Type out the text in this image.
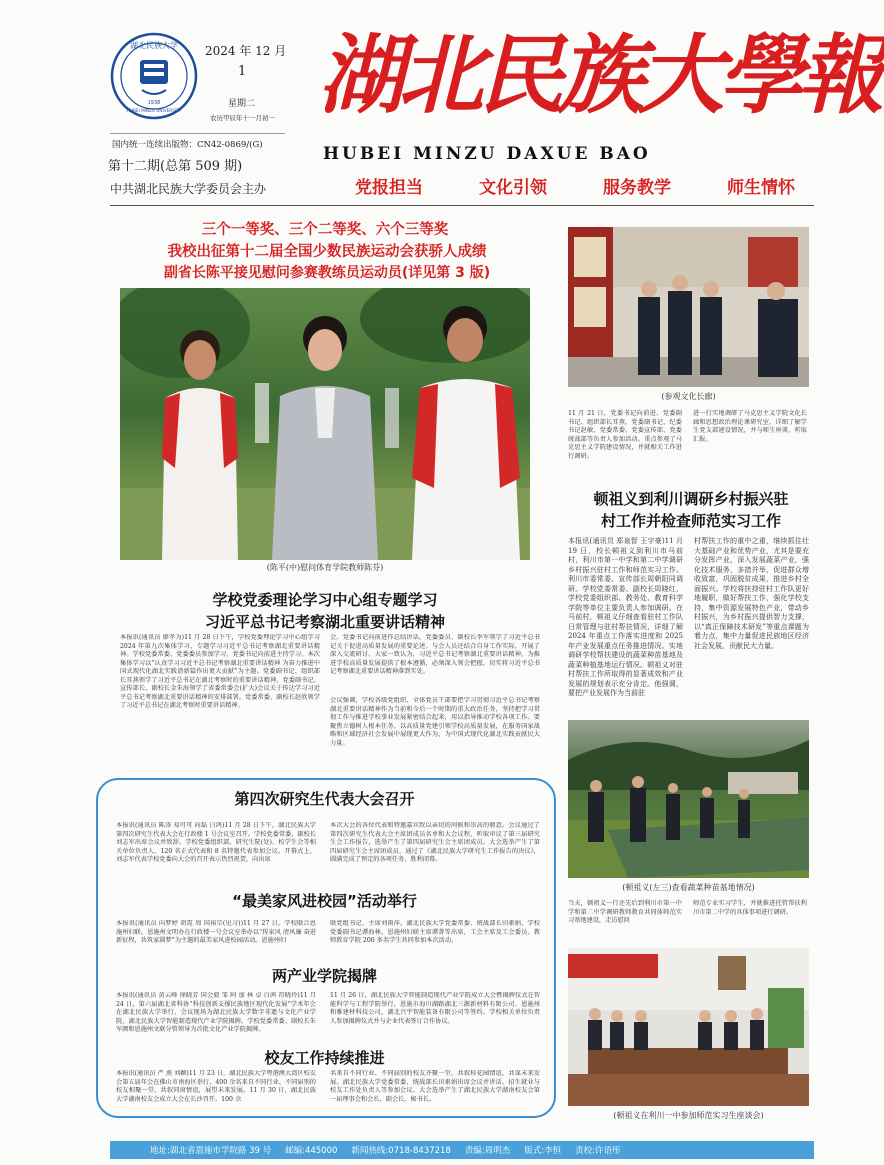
湖北民族大学
1938
HUBEI MINZU UNIVERSITY
2024 年 12 月
1
星期二
农历甲辰年十一月初一 湖北民族大學報
国内统一连续出版物：CN42-0869/(G)
第十二期(总第 509 期)
中共湖北民族大学委员会主办
HUBEI MINZU DAXUE BAO
党报担当	文化引领	服务教学	师生情怀
三个一等奖、三个二等奖、六个三等奖
我校出征第十二届全国少数民族运动会获骄人成绩
副省长陈平接见慰问参赛教练员运动员(详见第 3 版)
(陈平(中)慰问体育学院教师陈芬)
(参观文化长廊)
11 月 21 日，党委书记向前进、党委副书记、组织部长耳燕，党委副书记、纪委书记赵敏，党委常委、党委宣传部、党委统战部等负责人参加活动。重点参观了马克思主义学院建设情况，并就相关工作进行调研。
进一行实地调研了马克思主义学院文化长廊和思想政治理论课研究室，详细了解学生党支部建设情况，并与师生座谈，听取汇报。
顿祖义到利川调研乡村振兴驻
村工作并检查师范实习工作
本报讯(通讯员 郑泉智 王宇豪)11 月 19 日，校长顿祖义到利川市马前村，利川市第一中学和第二中学调研乡村振兴驻村工作和师范实习工作。利川市委常委、宣传部长周朝阳同调研。学校党委常委、副校长周晓红，学校党委组织部、教务处、教育科学学院等单位主要负责人参加调研。在马前村，顿祖义仔细查看驻村工作队日常管理与驻村帮扶情况，详细了解 2024 年重点工作落实进度和 2025 年产业发展重点任务推进情况。实地调研学校帮扶建设的蔬菜种苗基地及蔬菜种植基地运行情况。顿祖义对驻村帮扶工作所取得的显著成效和产业发展的规划表示充分肯定。他强调，要把产业发展作为当前驻
村帮扶工作的重中之重，继续抓住壮大基础产业和优势产业，尤其是要充分发挥产业，深入发展蔬菜产业，强化技术服务，多措并举，促进群众增收致富，巩固脱贫成果，推进乡村全面振兴。学校将扶持驻村工作队更好地履职，做好帮扶工作，强化学校支持，集中资源发展特色产业，带动乡村振兴，为乡村振兴提供智力支撑，以“真正保障技术研发”等重点课题为着力点，集中力量促进民族地区经济社会发展，贡献民大力量。
学校党委理论学习中心组专题学习
习近平总书记考察湖北重要讲话精神
本报讯(通讯员 廖孝为)11 月 28 日下午，学校党委理论学习中心组学习 2024 年第九次集体学习，专题学习习近平总书记考察湖北重要讲话精神。学校党委常委、党委委员参加学习，党委书记向前进主持学习。本次集体学习以“认真学习习近平总书记考察湖北重要讲话精神 为奋力推进中国式现代化湖北实践谱新篇作出更大贡献”为主题。党委副书记、组织部长耳燕领学了习近平总书记在湖北考察时的重要讲话精神。党委副书记、宣传部长、副校长金朱海领学了省委常委会(扩大)会议关于传达学习习近平总书记考察湖北重要讲话精神的安排部署。党委常委、副校长赵欣领学了习近平总书记在湖北考察时重要讲话精神。
会。党委书记向前进作总结讲话。党委委员、副校长李军领学了习近平总书记关于促进高质量发展的重要论述。与会人员还结合自身工作实际，开展了深入交流研讨。大家一致认为，习近平总书记考察湖北重要讲话精神，为推进学校高质量发展提供了根本遵循，必须深入领会把握，切实将习近平总书记考察湖北重要讲话精神落到实处。
会议强调，学校各级党组织、全体党员干部要把学习贯彻习近平总书记考察湖北重要讲话精神作为当前和今后一个时期的重大政治任务，坚持把学习贯彻工作与推进学校事业发展紧密结合起来，用以指导推动学校各项工作。要聚焦立德树人根本任务，以高质量党建引领学校高质量发展，在服务国家战略和区域经济社会发展中展现更大作为，为中国式现代化湖北实践贡献民大力量。
(顿祖义(左三)查看蔬菜种苗基地情况)
当天，顿祖义一行还先后到利川市第一中学和第二中学调研教师教育共同体师范实习基地建设，走访慰问
师范专业实习学生，并就推进托管帮扶利川市第二中学的具体事项进行调研。
(顿祖义在利川一中参加师范实习生座谈会)
第四次研究生代表大会召开
本报讯(通讯员 陈涛 易可可 向磊 白鸿)11 月 28 日下午，湖北民族大学第四次研究生代表大会在行政楼 1 号会议室召开。学校党委常委、副校长刘志军出席会议并致辞。学校党委组织部、研究生院(处)、校学生会等相关单位负责人，120 名正式代表和 8 名特邀代表参加会议。开幕式上，刘志军代表学校党委向大会的召开表示热烈祝贺，向出席
本次大会的各位代表和特邀嘉宾致以亲切的问候和崇高的敬意。会议通过了第四次研究生代表大会主席团成员名单和大会议程，听取审议了第三届研究生会工作报告，选举产生了第四届研究生会主席团成员。大会选举产生了第四届研究生会主席团成员，通过了《湖北民族大学研究生工作报告的决议》，圆满完成了预定的各项任务，胜利闭幕。
“最美家风进校园”活动举行
本报讯(通讯员 向梦婷 胡霓 周 国裕宗(见习))11 月 27 日，学校联合恩施州妇联、恩施州文明办在行政楼一号会议室举办以“传家风 清风廉 奋进新征程，共筑家圆梦”为主题的最美家风进校园活动。恩施州妇
联党组书记、主席刘雨萍，湖北民族大学党委常委、统战部长田素娟，学校党委副书记谭海林，恩施州妇联主席谭菁等出席，工会主席及工会委员、教师教育学院 200 多名学生共同参加本次活动。
两产业学院揭牌
本报讯(通讯员 黄云峰 徐晓芳 国会毅 邹 阿 加 林 卓 白鸿 符晓玲)11 月 24 日，第六届湖北省科协“科技创新支撑民族地区现代化发展”学术年会在湖北民族大学举行，会议现场为湖北民族大学数字非遗与文化产业学院，湖北民族大学智能制造现代产业学院揭牌。学校党委常委、副校长朱军颜和恩施州文联分管领导为首批文化产业学院揭牌。
11 月 26 日，湖北民族大学智能制造现代产业学院成立大会暨揭牌仪式在智能科学与工程学院举行，恩施市海川湖路湖北三源新材料有限公司、恩施州和雅建材科技公司、湖北兴宇智能装备有限公司等签约。学校相关单位负责人参加揭牌仪式并与企业代表签订合作协议。
校友工作持续推进
本报讯(通讯员 严 燕 刘颖)11 月 23 日，湖北民族大学粤港澳大湾区校友会第五届年会在佛山市南海区举行，400 余名来自不同行业、不同届别的校友相聚一堂，共叙同窗情谊，展望未来发展。11 月 30 日，湖北民族大学湖南校友会成立大会在长沙召开。100 余
名来自不同行业、不同届别的校友齐聚一堂，共叙桂花园情谊，共谋未来发展。湖北民族大学党委常委、统战部长田素娟出席会议并讲话。招生就业与校友工作处负责人等参加会议。大会选举产生了湖北民族大学湖南校友会第一届理事会和会长、副会长、秘书长。
地址:湖北省恩施市学院路 39 号 邮编:445000 新闻热线:0718-8437218 责编:周明杰 版式:李恒 责校:许语彤
